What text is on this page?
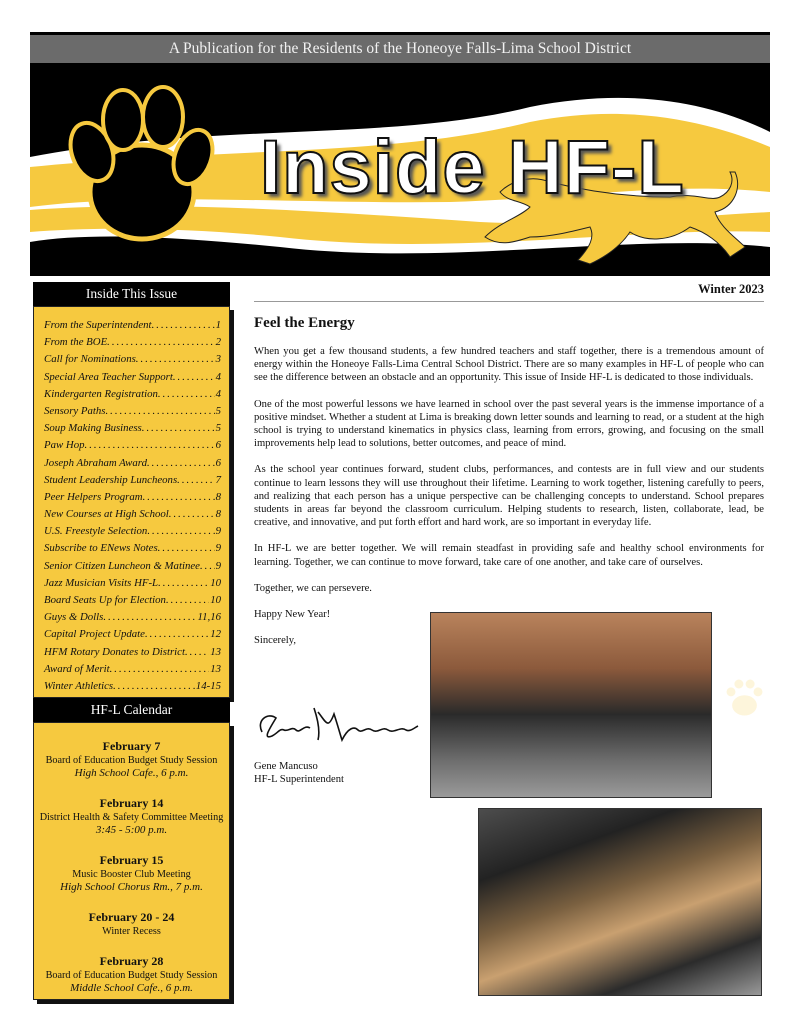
A Publication for the Residents of the Honeoye Falls-Lima School District
Inside HF-L
Inside This Issue
From the Superintendent .....	1
From the BOE .....	2
Call for Nominations .....	3
Special Area Teacher Support .....	4
Kindergarten Registration .....	4
Sensory Paths .....	5
Soup Making Business .....	5
Paw Hop .....	6
Joseph Abraham Award .....	6
Student Leadership Luncheons .....	7
Peer Helpers Program .....	8
New Courses at High School .....	8
U.S. Freestyle Selection .....	9
Subscribe to ENews Notes .....	9
Senior Citizen Luncheon & Matinee ..... 9
Jazz Musician Visits HF-L .....	10
Board Seats Up for Election .....	10
Guys & Dolls .....	11,16
Capital Project Update .....	12
HFM Rotary Donates to District ..... 13
Award of Merit .....	13
Winter Athletics .....	14-15
HF-L Calendar
February 7
Board of Education Budget Study Session
High School Cafe., 6 p.m.
February 14
District Health & Safety Committee Meeting
3:45 - 5:00 p.m.
February 15
Music Booster Club Meeting
High School Chorus Rm., 7 p.m.
February 20 - 24
Winter Recess
February 28
Board of Education Budget Study Session
Middle School Cafe., 6 p.m.
Winter 2023
Feel the Energy

When you get a few thousand students, a few hundred teachers and staff together, there is a tremendous amount of energy within the Honeoye Falls-Lima Central School District. There are so many examples in HF-L of people who can see the difference between an obstacle and an opportunity. This issue of Inside HF-L is dedicated to those individuals.

One of the most powerful lessons we have learned in school over the past several years is the immense importance of a positive mindset. Whether a student at Lima is breaking down letter sounds and learning to read, or a student at the high school is trying to understand kinematics in physics class, learning from errors, growing, and focusing on the small improvements help lead to solutions, better outcomes, and peace of mind.

As the school year continues forward, student clubs, performances, and contests are in full view and our students continue to learn lessons they will use throughout their lifetime. Learning to work together, listening carefully to peers, and realizing that each person has a unique perspective can be challenging concepts to understand. School prepares students in areas far beyond the classroom curriculum. Helping students to research, listen, collaborate, lead, be creative, and innovative, and put forth effort and hard work, are so important in everyday life.

In HF-L we are better together. We will remain steadfast in providing safe and healthy school environments for learning. Together, we can continue to move forward, take care of one another, and take care of ourselves.

Together, we can persevere.

Happy New Year!

Sincerely,

Gene Mancuso
HF-L Superintendent
